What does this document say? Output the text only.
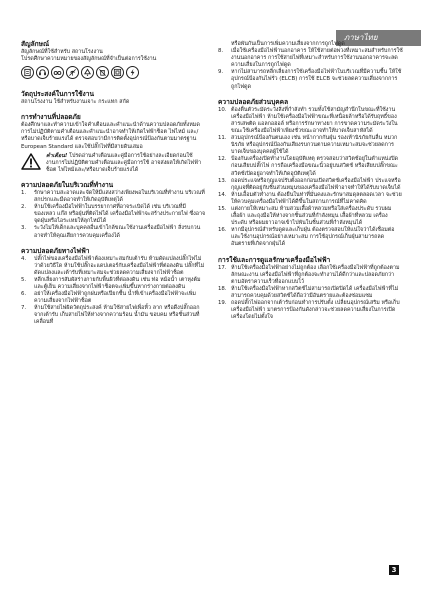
ภาษาไทย
สัญลักษณ์

สัญลักษณ์ที่ใช้สำหรับ สถานโรงงาน

โปรดศึกษาความหมายของสัญลักษณ์ที่จำเป็นต่อการใช้งาน

วัตถุประสงค์ในการใช้งาน

สถานโรงงาน ใช้สำหรับงานเจาะ กระแทก สกัด

การทำงานที่ปลอดภัย

ต้องศึกษาและทำความเข้าใจคำเตือนและคำแนะนำด้านความปลอดภัยทั้งหมด การไม่ปฏิบัติตามคำเตือนและคำแนะนำอาจทำให้เกิดไฟฟ้าช็อต ไฟไหม้ และ/หรือบาดเจ็บร้ายแรงได้ ตรวจสอบว่ามีการติดตั้งอุปกรณ์ป้องกันตามมาตรฐาน European Standard และใช้ปลั๊กไฟที่มีสายดินเสมอ

คำเตือน! โปรดอ่านคำเตือนและคู่มือการใช้อย่างละเอียดก่อนใช้งานการไม่ปฏิบัติตามคำเตือนและคู่มือการใช้ อาจส่งผลให้เกิดไฟฟ้าช็อต ไฟไหม้และ/หรือบาดเจ็บร้ายแรงได้
ความปลอดภัยในบริเวณที่ทำงาน
1.	รักษาความสะอาดและจัดให้มีแสงสว่างเพียงพอในบริเวณที่ทำงาน บริเวณที่สกปรกและมืดอาจทำให้เกิดอุบัติเหตุได้
2.	ห้ามใช้เครื่องมือไฟฟ้าในบรรยากาศที่อาจระเบิดได้ เช่น บริเวณที่มีของเหลว แก๊ส หรือฝุ่นที่ติดไฟได้ เครื่องมือไฟฟ้าจะสร้างประกายไฟ ซึ่งอาจจุดฝุ่นหรือไอระเหยให้ลุกไหม้ได้
3.	ระวังไม่ให้เด็กและบุคคลอื่นเข้าใกล้ขณะใช้งานเครื่องมือไฟฟ้า สิ่งรบกวนอาจทำให้คุณเสียการควบคุมเครื่องได้
ความปลอดภัยทางไฟฟ้า
4.	ปลั๊กไฟของเครื่องมือไฟฟ้าต้องเหมาะสมกับเต้ารับ ห้ามดัดแปลงปลั๊กไฟไม่ว่าด้วยวิธีใด ห้ามใช้ปลั๊กอะแดปเตอร์กับเครื่องมือไฟฟ้าที่ต่อลงดิน ปลั๊กที่ไม่ดัดแปลงและเต้ารับที่เหมาะสมจะช่วยลดความเสี่ยงจากไฟฟ้าช็อต
5.	หลีกเลี่ยงการสัมผัสร่างกายกับพื้นผิวที่ต่อลงดิน เช่น ท่อ หม้อน้ำ เตาหุงต้ม และตู้เย็น ความเสี่ยงจากไฟฟ้าช็อตจะเพิ่มขึ้นหากร่างกายต่อลงดิน
6.	อย่าให้เครื่องมือไฟฟ้าถูกฝนหรือเปียกชื้น น้ำที่เข้าเครื่องมือไฟฟ้าจะเพิ่มความเสี่ยงจากไฟฟ้าช็อต
7.	ห้ามใช้สายไฟผิดวัตถุประสงค์ ห้ามใช้สายไฟเพื่อหิ้ว ลาก หรือดึงปลั๊กออกจากเต้ารับ เก็บสายไฟให้ห่างจากความร้อน น้ำมัน ขอบคม หรือชิ้นส่วนที่เคลื่อนที่
หรือพันกันเป็นการเพิ่มความเสี่ยงจากการถูกไฟดูด
8.	เมื่อใช้เครื่องมือไฟฟ้านอกอาคาร ให้ใช้สายต่อพ่วงที่เหมาะสมสำหรับการใช้งานนอกอาคาร การใช้สายไฟที่เหมาะสำหรับการใช้งานนอกอาคารจะลดความเสี่ยงในการถูกไฟดูด
9.	หากไม่สามารถหลีกเลี่ยงการใช้เครื่องมือไฟฟ้าในบริเวณที่มีความชื้น ให้ใช้อุปกรณ์ป้องกันไฟรั่ว (ELCB) การใช้ ELCB จะช่วยลดความเสี่ยงจากการถูกไฟดูด
ความปลอดภัยส่วนบุคคล
10. ต้องตื่นตัวระมัดระวังสิ่งที่กำลังทำ รวมทั้งใช้สามัญสำนึกในขณะที่ใช้งานเครื่องมือไฟฟ้า ห้ามใช้เครื่องมือไฟฟ้าขณะที่เหนื่อยล้าหรือได้รับฤทธิ์ของสารเสพติด แอลกอฮอล์ หรือการรักษาทางยา การขาดความระมัดระวังในขณะใช้เครื่องมือไฟฟ้าเพียงชั่วขณะอาจทำให้บาดเจ็บสาหัสได้
11. สวมอุปกรณ์ป้องกันตนเอง เช่น หน้ากากกันฝุ่น รองเท้านิรภัยกันลื่น หมวกนิรภัย หรืออุปกรณ์ป้องกันเสียงรบกวนตามความเหมาะสมจะช่วยลดการบาดเจ็บของบุคคลผู้ใช้ได้
12. ป้องกันเครื่องเปิดทำงานโดยอุบัติเหตุ ตรวจสอบว่าสวิตช์อยู่ในตำแหน่งปิดก่อนเสียบปลั๊กไฟ การถือเครื่องมือขณะนิ้วอยู่บนสวิตช์ หรือเสียบปลั๊กขณะสวิตช์เปิดอยู่อาจทำให้เกิดอุบัติเหตุได้
13. ถอดประแจหรือกุญแจปรับตั้งออกก่อนเปิดสวิตช์เครื่องมือไฟฟ้า ประแจหรือกุญแจที่ติดอยู่กับชิ้นส่วนหมุนของเครื่องมือไฟฟ้าอาจทำให้ได้รับบาดเจ็บได้
14. ห้ามเอื้อมตัวทำงาน ต้องยืนในท่าที่มั่นคงและรักษาสมดุลตลอดเวลา จะช่วยให้ควบคุมเครื่องมือไฟฟ้าได้ดีขึ้นในสถานการณ์ที่ไม่คาดคิด
15. แต่งกายให้เหมาะสม ห้ามสวมเสื้อผ้าหลวมหรือใส่เครื่องประดับ รวบผม เสื้อผ้า และถุงมือให้ห่างจากชิ้นส่วนที่กำลังหมุน เสื้อผ้าที่หลวม เครื่องประดับ หรือผมยาวอาจเข้าไปพันในชิ้นส่วนที่กำลังหมุนได้
16. หากมีอุปกรณ์สำหรับดูดและเก็บฝุ่น ต้องตรวจสอบให้แน่ใจว่าได้เชื่อมต่อและใช้งานอุปกรณ์อย่างเหมาะสม การใช้อุปกรณ์เก็บฝุ่นสามารถลดอันตรายที่เกิดจากฝุ่นได้
การใช้และการดูแลรักษาเครื่องมือไฟฟ้า
17. ห้ามใช้เครื่องมือไฟฟ้าอย่างไม่ถูกต้อง เลือกใช้เครื่องมือไฟฟ้าที่ถูกต้องตามลักษณะงาน เครื่องมือไฟฟ้าที่ถูกต้องจะทำงานได้ดีกว่าและปลอดภัยกว่าตามอัตราความเร็วที่ออกแบบไว้
18. ห้ามใช้เครื่องมือไฟฟ้าหากสวิตช์ไม่สามารถเปิดปิดได้ เครื่องมือไฟฟ้าที่ไม่สามารถควบคุมด้วยสวิตช์ได้ถือว่ามีอันตรายและต้องซ่อมแซม
19. ถอดปลั๊กไฟออกจากเต้ารับก่อนทำการปรับตั้ง เปลี่ยนอุปกรณ์เสริม หรือเก็บเครื่องมือไฟฟ้า มาตรการป้องกันดังกล่าวจะช่วยลดความเสี่ยงในการเปิดเครื่องโดยไม่ตั้งใจ
3
